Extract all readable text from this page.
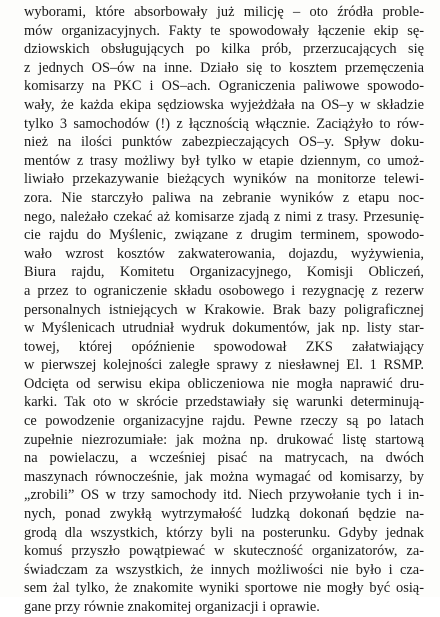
wyborami, które absorbowały już milicję – oto źródła proble-
mów organizacyjnych. Fakty te spowodowały łączenie ekip sę-
dziowskich obsługujących po kilka prób, przerzucających się
z jednych OS–ów na inne. Działo się to kosztem przemęczenia
komisarzy na PKC i OS–ach. Ograniczenia paliwowe spowodo-
wały, że każda ekipa sędziowska wyjeżdżała na OS–y w składzie
tylko 3 samochodów (!) z łącznością włącznie. Zaciążyło to rów-
nież na ilości punktów zabezpieczających OS–y. Spływ doku-
mentów z trasy możliwy był tylko w etapie dziennym, co umoż-
liwiało przekazywanie bieżących wyników na monitorze telewi-
zora. Nie starczyło paliwa na zebranie wyników z etapu noc-
nego, należało czekać aż komisarze zjadą z nimi z trasy. Przesunię-
cie rajdu do Myślenic, związane z drugim terminem, spowodo-
wało wzrost kosztów zakwaterowania, dojazdu, wyżywienia,
Biura rajdu, Komitetu Organizacyjnego, Komisji Obliczeń,
a przez to ograniczenie składu osobowego i rezygnację z rezerw
personalnych istniejących w Krakowie. Brak bazy poligraficznej
w Myślenicach utrudniał wydruk dokumentów, jak np. listy star-
towej, której opóźnienie spowodował ZKS załatwiający
w pierwszej kolejności zaległe sprawy z niesławnej El. 1 RSMP.
Odcięta od serwisu ekipa obliczeniowa nie mogła naprawić dru-
karki. Tak oto w skrócie przedstawiały się warunki determinują-
ce powodzenie organizacyjne rajdu. Pewne rzeczy są po latach
zupełnie niezrozumiałe: jak można np. drukować listę startową
na powielaczu, a wcześniej pisać na matrycach, na dwóch
maszynach równocześnie, jak można wymagać od komisarzy, by
„zrobili” OS w trzy samochody itd. Niech przywołanie tych i in-
nych, ponad zwykłą wytrzymałość ludzką dokonań będzie na-
grodą dla wszystkich, którzy byli na posterunku. Gdyby jednak
komuś przyszło powątpiewać w skuteczność organizatorów, za-
świadczam za wszystkich, że innych możliwości nie było i cza-
sem żal tylko, że znakomite wyniki sportowe nie mogły być osią-
gane przy równie znakomitej organizacji i oprawie.
